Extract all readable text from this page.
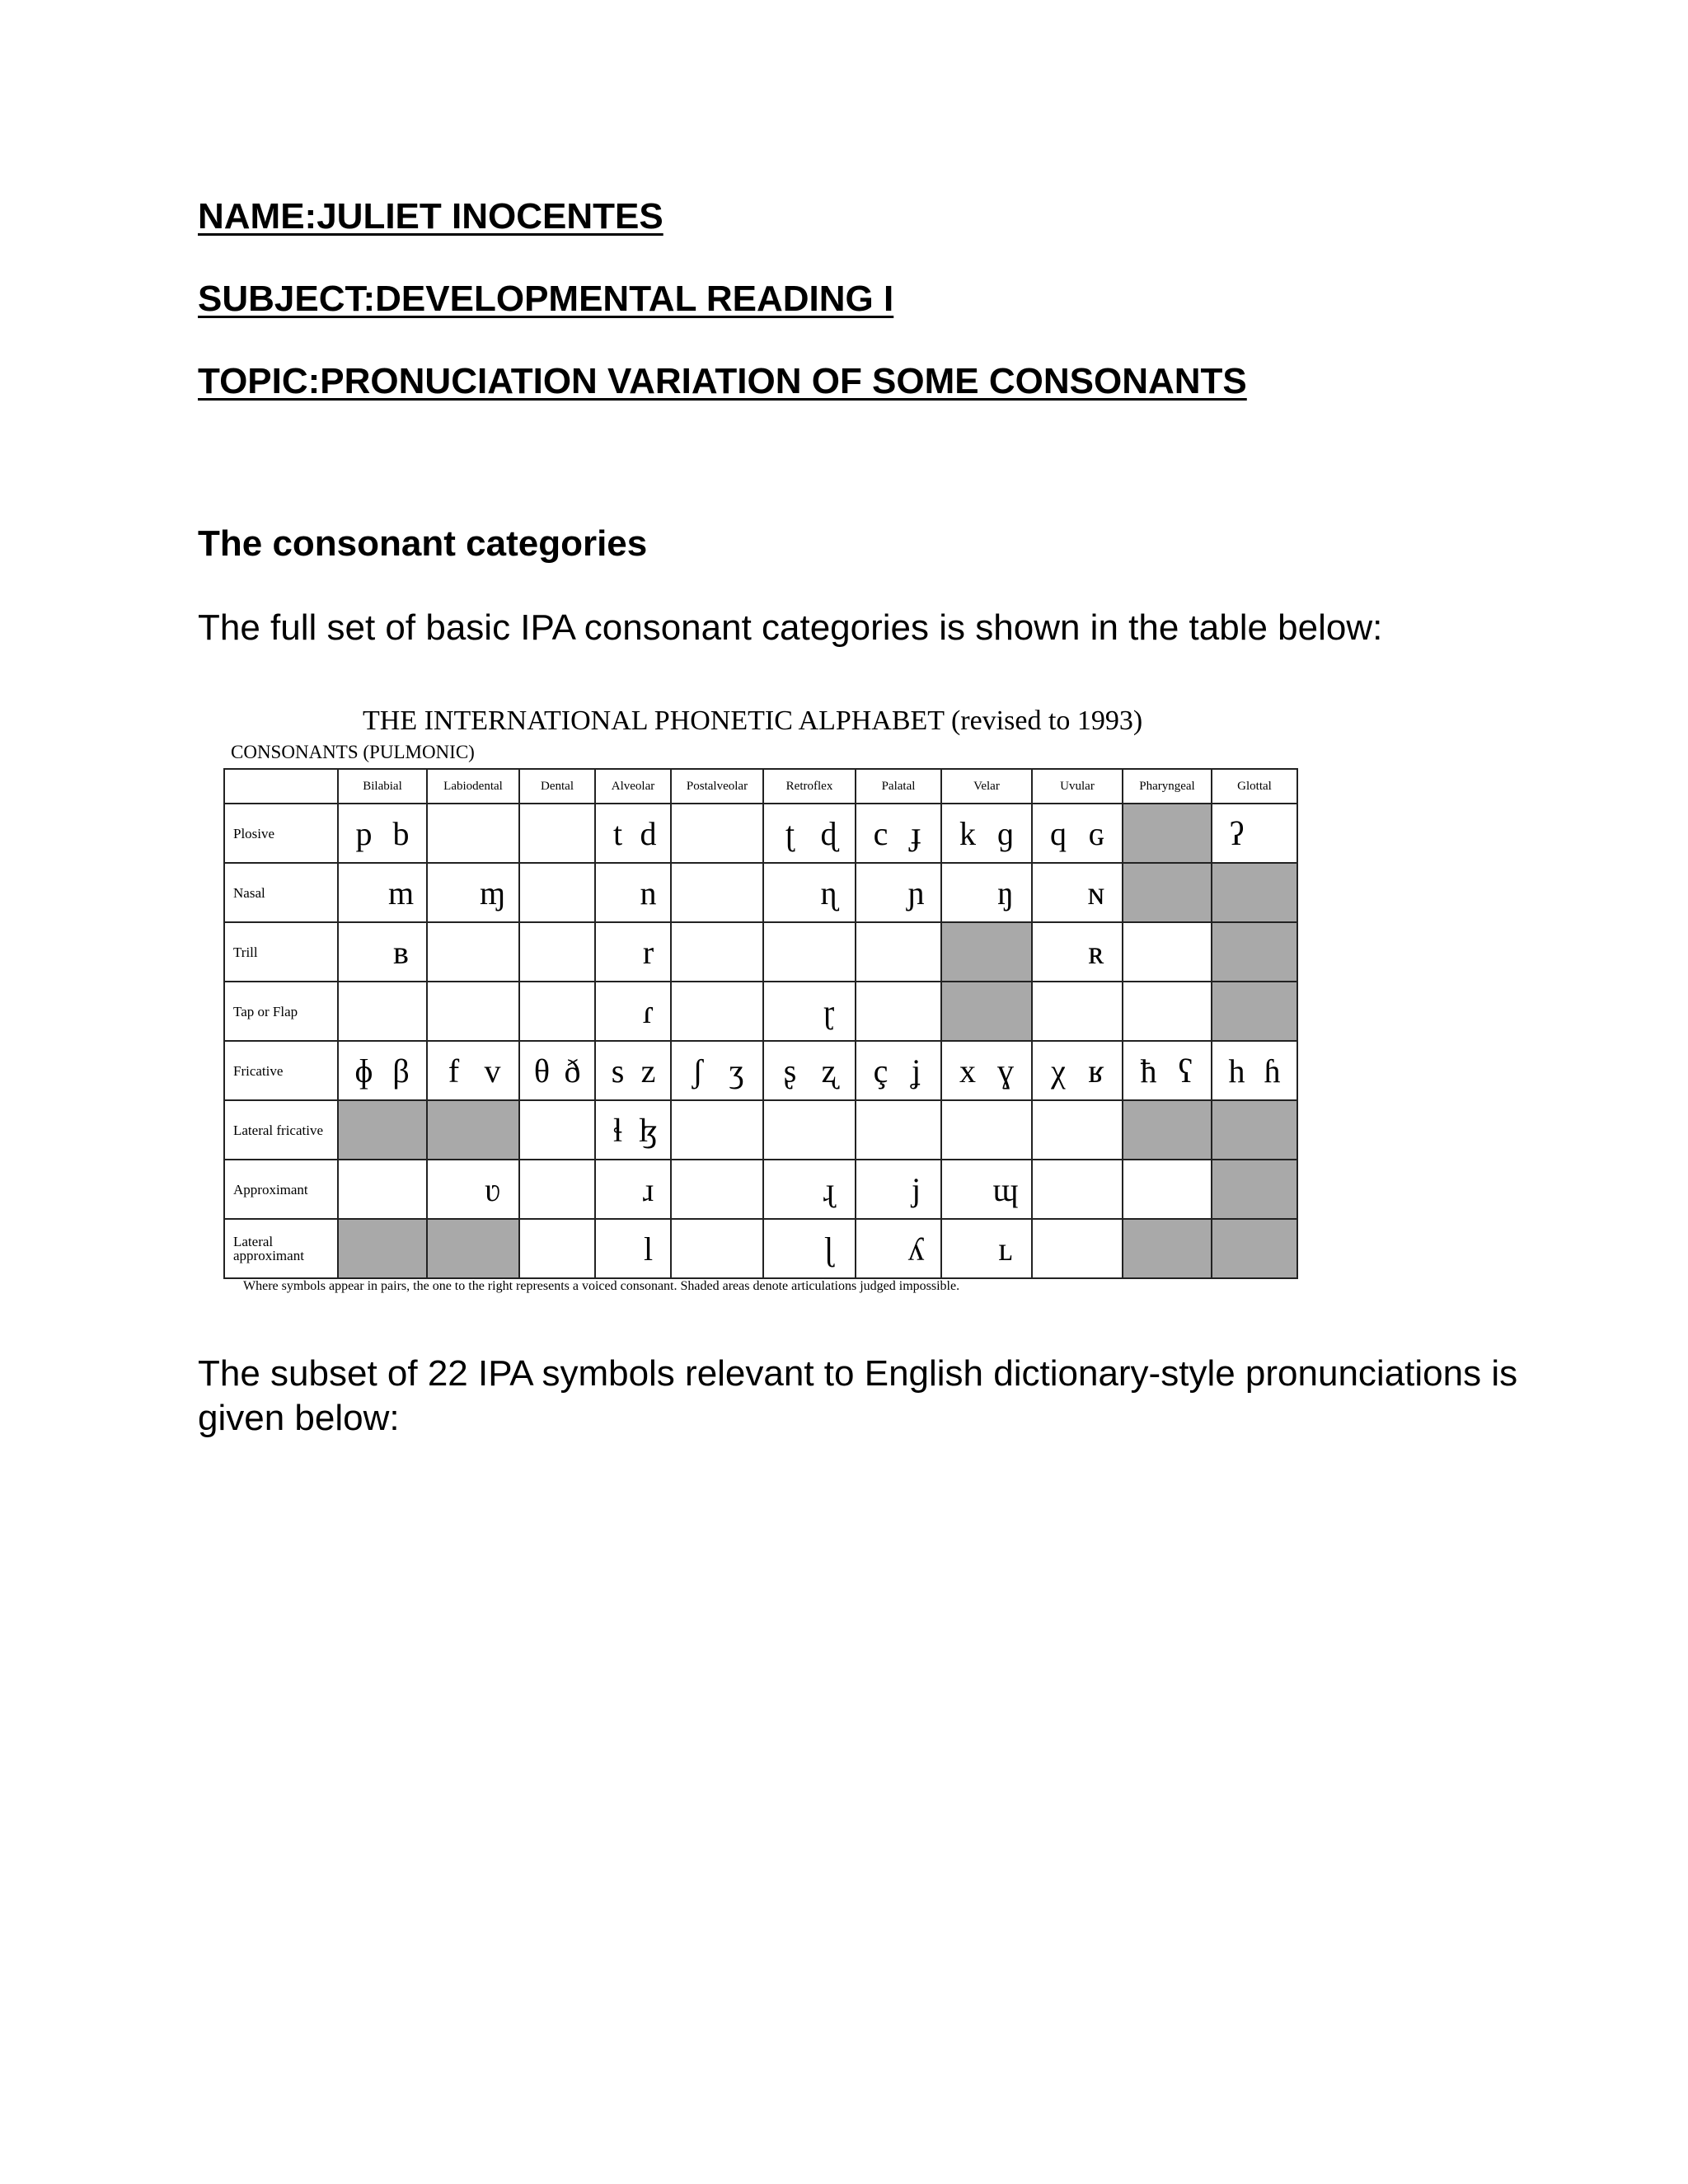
NAME:JULIET INOCENTES

SUBJECT:DEVELOPMENTAL READING I

TOPIC:PRONUCIATION VARIATION OF SOME CONSONANTS

The consonant categories

The full set of basic IPA consonant categories is shown in the table below:

THE INTERNATIONAL PHONETIC ALPHABET (revised to 1993)

CONSONANTS (PULMONIC)

	Bilabial	Labiodental	Dental	Alveolar	Postalveolar	Retroflex	Palatal	Velar	Uvular	Pharyngeal	Glottal
Plosive	p b			t d		ʈ ɖ	c ɟ	k ɡ	q ɢ		ʔ

Nasal	m	ɱ		n		ɳ	ɲ	ŋ	ɴ		

Trill	ʙ			r					ʀ		

Tap or Flap				ɾ		ɽ					

Fricative	ɸ β	f v	θ ð	s z	ʃ ʒ	ʂ ʐ	ç ʝ	x ɣ	χ ʁ	ħ ʕ	h ɦ

Lateral fricative				ɬ ɮ							

Approximant		ʋ		ɹ		ɻ	j	ɰ			

Lateral approximant				l		ɭ	ʎ	ʟ			

Where symbols appear in pairs, the one to the right represents a voiced consonant. Shaded areas denote articulations judged impossible.

The subset of 22 IPA symbols relevant to English dictionary-style pronunciations is given below:
